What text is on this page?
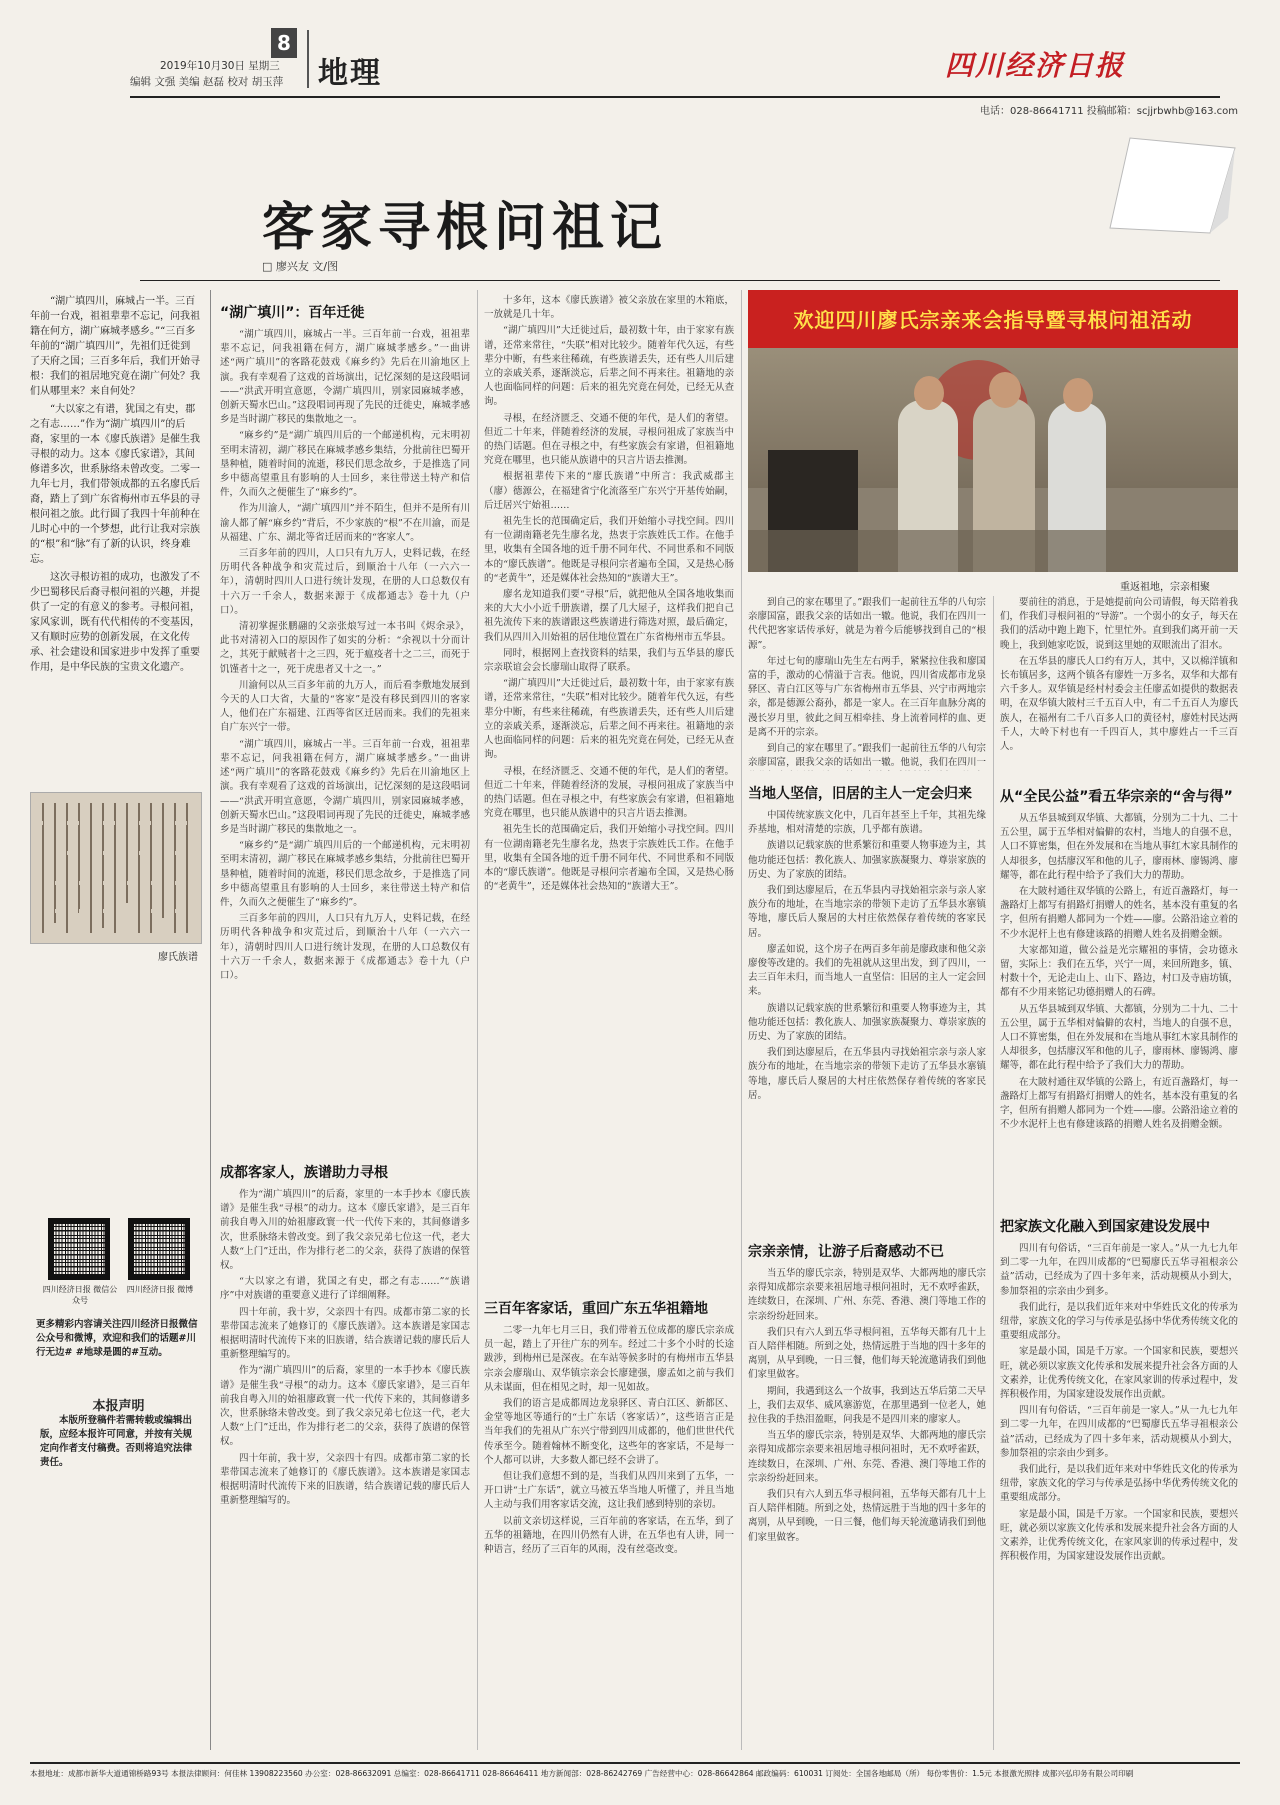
2019年10月30日 星期三
8
编辑 文强 美编 赵磊 校对 胡玉萍 地理	四川经济日报
电话：028-86641711 投稿邮箱：scjjrbwhb@163.com
客家寻根问祖记
□ 廖兴友 文/图

“湖广填四川，麻城占一半。三百年前一台戏，祖祖辈辈不忘记，问我祖籍在何方，湖广麻城孝感乡。”“三百多年前的“湖广填四川”，先祖们迁徙到了天府之国；三百多年后，我们开始寻根：我们的祖居地究竟在湖广何处？我们从哪里来？来自何处？

“大以家之有谱，犹国之有史，郡之有志……”作为“湖广填四川”的后裔，家里的一本《廖氏族谱》是催生我寻根的动力。这本《廖氏家谱》，其间修谱多次，世系脉络未曾改变。二零一九年七月，我们带领成都的五名廖氏后裔，踏上了到广东省梅州市五华县的寻根问祖之旅。此行圆了我四十年前种在儿时心中的一个梦想，此行让我对宗族的“根”和“脉”有了新的认识，终身难忘。

这次寻根访祖的成功，也激发了不少巴蜀移民后裔寻根问祖的兴趣，并提供了一定的有意义的参考。寻根问祖，家风家训，既有代代相传的不变基因，又有顺时应势的创新发展，在文化传承、社会建设和国家进步中发挥了重要作用，是中华民族的宝贵文化遗产。

廖氏族谱
四川经济日报 微信公众号
四川经济日报 微博
更多精彩内容请关注四川经济日报微信公众号和微博，欢迎和我们的话题#川行无边# #地球是圆的#互动。
本报声明
本版所登稿件若需转载或编辑出版，应经本报许可同意，并按有关规定向作者支付稿费。否则将追究法律责任。
“湖广填川”：百年迁徙

“湖广填四川，麻城占一半。三百年前一台戏，祖祖辈辈不忘记，问我祖籍在何方，湖广麻城孝感乡。”一曲讲述“两广填川”的客路花鼓戏《麻乡约》先后在川渝地区上演。我有幸观看了这戏的首场演出，记忆深刻的是这段唱词——“洪武开明宣意愿，令湖广填四川，别家园麻城孝感，创新天蜀水巴山。”这段唱词再现了先民的迁徙史，麻城孝感乡是当时湖广移民的集散地之一。

“麻乡约”是“湖广填四川后的一个邮递机构，元末明初至明末清初，湖广移民在麻城孝感乡集结，分批前往巴蜀开垦种植，随着时间的流逝，移民们思念故乡，于是推选了同乡中德高望重且有影响的人士回乡，来往带送土特产和信件，久而久之便催生了“麻乡约”。

作为川渝人，“湖广填四川”并不陌生，但并不是所有川渝人都了解“麻乡约”背后，不少家族的“根”不在川渝，而是从福建、广东、湖北等省迁居而来的“客家人”。

三百多年前的四川，人口只有九万人，史料记载，在经历明代各种战争和灾荒过后，到顺治十八年（一六六一年），清朝时四川人口进行统计发现，在册的人口总数仅有十六万一千余人，数据来源于《成都通志》卷十九（户口）。

清初掌握张鹏翮的父亲张烺写过一本书叫《烬余录》，此书对清初入口的原因作了如实的分析：“余视以十分而计之，其死于献贼者十之三四，死于瘟疫者十之二三，而死于饥馑者十之一，死于虎患者又十之一。”

川渝何以从三百多年前的九万人，而后看李敷地发展到今天的人口大省，大量的“客家”是没有移民到四川的客家人，他们在广东福建、江西等省区迁居而来。我们的先祖来自广东兴宁一带。

“湖广填四川，麻城占一半。三百年前一台戏，祖祖辈辈不忘记，问我祖籍在何方，湖广麻城孝感乡。”一曲讲述“两广填川”的客路花鼓戏《麻乡约》先后在川渝地区上演。我有幸观看了这戏的首场演出，记忆深刻的是这段唱词——“洪武开明宣意愿，令湖广填四川，别家园麻城孝感，创新天蜀水巴山。”这段唱词再现了先民的迁徙史，麻城孝感乡是当时湖广移民的集散地之一。

“麻乡约”是“湖广填四川后的一个邮递机构，元末明初至明末清初，湖广移民在麻城孝感乡集结，分批前往巴蜀开垦种植，随着时间的流逝，移民们思念故乡，于是推选了同乡中德高望重且有影响的人士回乡，来往带送土特产和信件，久而久之便催生了“麻乡约”。

三百多年前的四川，人口只有九万人，史料记载，在经历明代各种战争和灾荒过后，到顺治十八年（一六六一年），清朝时四川人口进行统计发现，在册的人口总数仅有十六万一千余人，数据来源于《成都通志》卷十九（户口）。

成都客家人，族谱助力寻根

作为“湖广填四川”的后裔，家里的一本手抄本《廖氏族谱》是催生我“寻根”的动力。这本《廖氏家谱》，是三百年前我自粤入川的始祖廖政寰一代一代传下来的，其间修谱多次，世系脉络未曾改变。到了我父亲兄弟七位这一代，老大人数“上门”迁出，作为排行老二的父亲，获得了族谱的保管权。

“大以家之有谱，犹国之有史，郡之有志……”“族谱序”中对族谱的重要意义进行了详细阐释。

四十年前，我十岁，父亲四十有四。成都市第二家的长辈带国志流来了她修订的《廖氏族谱》。这本族谱是家国志根据明清时代流传下来的旧族谱，结合族谱记载的廖氏后人重新整理编写的。

作为“湖广填四川”的后裔，家里的一本手抄本《廖氏族谱》是催生我“寻根”的动力。这本《廖氏家谱》，是三百年前我自粤入川的始祖廖政寰一代一代传下来的，其间修谱多次，世系脉络未曾改变。到了我父亲兄弟七位这一代，老大人数“上门”迁出，作为排行老二的父亲，获得了族谱的保管权。

四十年前，我十岁，父亲四十有四。成都市第二家的长辈带国志流来了她修订的《廖氏族谱》。这本族谱是家国志根据明清时代流传下来的旧族谱，结合族谱记载的廖氏后人重新整理编写的。

十多年，这本《廖氏族谱》被父亲放在家里的木箱底，一放就是几十年。

“湖广填四川”大迁徙过后，最初数十年，由于家家有族谱，还常来常往，“失联”相对比较少。随着年代久远，有些辈分中断，有些来往稀疏，有些族谱丢失，还有些人川后建立的亲戚关系，逐渐淡忘，后辈之间不再来往。祖籍地的亲人也面临同样的问题：后来的祖先究竟在何处，已经无从查询。

寻根，在经济匮乏、交通不便的年代，是人们的奢望。但近二十年来，伴随着经济的发展，寻根问祖成了家族当中的热门话题。但在寻根之中，有些家族会有家谱，但祖籍地究竟在哪里，也只能从族谱中的只言片语去推测。

根据祖辈传下来的“廖氏族谱”中所言：我武威郡主（廖）德源公，在福建省宁化流落至广东兴宁开基传始嗣，后迁居兴宁始祖……

祖先生长的范围确定后，我们开始缩小寻找空间。四川有一位湖南籍老先生廖名龙，热衷于宗族姓氏工作。在他手里，收集有全国各地的近千册不同年代、不同世系和不同版本的“廖氏族谱”。他既是寻根问宗者遍布全国，又是热心肠的“老黄牛”，还是媒体社会热知的“族谱大王”。

廖名龙知道我们要“寻根”后，就把他从全国各地收集而来的大大小小近千册族谱，摆了几大屋子，这样我们把自己祖先流传下来的族谱跟这些族谱进行筛选对照，最后确定，我们从四川入川始祖的居住地位置在广东省梅州市五华县。

同时，根据网上查找资料的结果，我们与五华县的廖氏宗亲联谊会会长廖瑞山取得了联系。

“湖广填四川”大迁徙过后，最初数十年，由于家家有族谱，还常来常往，“失联”相对比较少。随着年代久远，有些辈分中断，有些来往稀疏，有些族谱丢失，还有些人川后建立的亲戚关系，逐渐淡忘，后辈之间不再来往。祖籍地的亲人也面临同样的问题：后来的祖先究竟在何处，已经无从查询。

寻根，在经济匮乏、交通不便的年代，是人们的奢望。但近二十年来，伴随着经济的发展，寻根问祖成了家族当中的热门话题。但在寻根之中，有些家族会有家谱，但祖籍地究竟在哪里，也只能从族谱中的只言片语去推测。

祖先生长的范围确定后，我们开始缩小寻找空间。四川有一位湖南籍老先生廖名龙，热衷于宗族姓氏工作。在他手里，收集有全国各地的近千册不同年代、不同世系和不同版本的“廖氏族谱”。他既是寻根问宗者遍布全国，又是热心肠的“老黄牛”，还是媒体社会热知的“族谱大王”。

三百年客家话，重回广东五华祖籍地

二零一九年七月三日，我们带着五位成都的廖氏宗亲成员一起，踏上了开往广东的列车。经过二十多个小时的长途跋涉，到梅州已是深夜。在车站等候多时的有梅州市五华县宗亲会廖瑞山、双华镇宗亲会长廖建强，廖孟如之前与我们从未谋面，但在相见之时，却一见如故。

我们的语言是成都周边龙泉驿区、青白江区、新都区、金堂等地区等通行的“土广东话（客家话）”，这些语言正是当年我们的先祖从广东兴宁带到四川成都的，他们世世代代传承至今。随着翰林不断变化，这些年的客家话，不是每一个人都可以讲，大多数人都已经不会讲了。

但让我们意想不到的是，当我们从四川来到了五华，一开口讲“土广东话”，就立马被五华当地人听懂了，并且当地人主动与我们用客家话交流，这让我们感到特别的亲切。

以前文亲切这样说，三百年前的客家话，在五华，到了五华的祖籍地，在四川仍然有人讲，在五华也有人讲，同一种语言，经历了三百年的风雨，没有丝毫改变。

欢迎四川廖氏宗亲来会指导暨寻根问祖活动
重返祖地，宗亲相聚

到自己的家在哪里了。”跟我们一起前往五华的八旬宗亲廖国富，跟我父亲的话如出一辙。他说，我们在四川一代代把客家话传承好，就是为着今后能够找到自己的“根源”。

年过七旬的廖瑞山先生左右两手，紧紧拉住我和廖国富的手，激动的心情溢于言表。他说，四川省成都市龙泉驿区、青白江区等与广东省梅州市五华县、兴宁市两地宗亲，都是德源公裔孙，都是一家人。在三百年血脉分离的漫长岁月里，彼此之间互相牵挂、身上流着同样的血、更是离不开的宗亲。

到自己的家在哪里了。”跟我们一起前往五华的八旬宗亲廖国富，跟我父亲的话如出一辙。他说，我们在四川一

当地人坚信，旧居的主人一定会归来

中国传统家族文化中，几百年甚至上千年，其祖先缘乔基地，相对清楚的宗族，几乎都有族谱。

族谱以记载家族的世系繁衍和重要人物事迹为主，其他功能还包括：教化族人、加强家族凝聚力、尊崇家族的历史、为了家族的团结。

我们到达廖屋后，在五华县内寻找始祖宗亲与亲人家族分布的地址，在当地宗亲的带领下走访了五华县水寨镇等地，廖氏后人聚居的大村庄依然保存着传统的客家民居。

廖孟如说，这个房子在两百多年前是廖政康和他父亲廖俊等改建的。我们的先祖就从这里出发，到了四川，一去三百年未归，而当地人一直坚信：旧居的主人一定会回来。

族谱以记载家族的世系繁衍和重要人物事迹为主，其他功能还包括：教化族人、加强家族凝聚力、尊崇家族的历史、为了家族的团结。

我们到达廖屋后，在五华县内寻找始祖宗亲与亲人家族分布的地址，在当地宗亲的带领下走访了五华县水寨镇等地，廖氏后人聚居的大村庄依然保存着传统的客家民居。

宗亲亲情，让游子后裔感动不已

当五华的廖氏宗亲，特别是双华、大都两地的廖氏宗亲得知成都宗亲要来祖居地寻根问祖时，无不欢呼雀跃，连续数日，在深圳、广州、东莞、香港、澳门等地工作的宗亲纷纷赶回来。

我们只有六人到五华寻根问祖，五华每天都有几十上百人陪伴相随。所到之处，热情远胜于当地的四十多年的离别，从早到晚，一日三餐，他们每天轮流邀请我们到他们家里做客。

期间，我遇到这么一个故事，我到达五华后第二天早上，我们去双华、威风寨游览，在那里遇到一位老人，她拉住我的手热泪盈眶，问我是不是四川来的廖家人。

当五华的廖氏宗亲，特别是双华、大都两地的廖氏宗亲得知成都宗亲要来祖居地寻根问祖时，无不欢呼雀跃，连续数日，在深圳、广州、东莞、香港、澳门等地工作的宗亲纷纷赶回来。

我们只有六人到五华寻根问祖，五华每天都有几十上百人陪伴相随。所到之处，热情远胜于当地的四十多年的离别，从早到晚，一日三餐，他们每天轮流邀请我们到他们家里做客。

要前往的消息，于是她提前向公司请假，每天陪着我们，作我们寻根问祖的“导游”。一个弱小的女子，每天在我们的活动中跑上跑下，忙里忙外。直到我们离开前一天晚上，我到她家吃饭，说到这里她的双眼流出了泪水。

在五华县的廖氏人口约有万人，其中，又以棉洋镇和长布镇居多，这两个镇各有廖姓一万多名，双华和大都有六千多人。双华镇是经村村委会主任廖孟如提供的数据表明，在双华镇大陂村三千五百人中，有二千五百人为廖氏族人，在福州有二千八百多人口的黄径村，廖姓村民达两千人，大岭下村也有一千四百人，其中廖姓占一千三百人。

从“全民公益”看五华宗亲的“舍与得”

从五华县城到双华镇、大都镇，分别为二十九、二十五公里，属于五华相对偏僻的农村，当地人的自强不息，人口不算密集，但在外发展和在当地从事红木家具制作的人却很多，包括廖汉军和他的儿子，廖雨林、廖锡鸿、廖耀等，都在此行程中给予了我们大力的帮助。

在大陂村通往双华镇的公路上，有近百盏路灯，每一盏路灯上都写有捐路灯捐赠人的姓名，基本没有重复的名字，但所有捐赠人都同为一个姓——廖。公路沿途立着的不少水泥杆上也有修建该路的捐赠人姓名及捐赠金额。

大家都知道，做公益是光宗耀祖的事情，会功德永留，实际上：我们在五华，兴宁一周，来回所跑多，镇、村数十个，无论走山上、山下、路边，村口及寺庙坊镇，都有不少用来铭记功德捐赠人的石碑。

从五华县城到双华镇、大都镇，分别为二十九、二十五公里，属于五华相对偏僻的农村，当地人的自强不息，人口不算密集，但在外发展和在当地从事红木家具制作的人却很多，包括廖汉军和他的儿子，廖雨林、廖锡鸿、廖耀等，都在此行程中给予了我们大力的帮助。

在大陂村通往双华镇的公路上，有近百盏路灯，每一盏路灯上都写有捐路灯捐赠人的姓名，基本没有重复的名字，但所有捐赠人都同为一个姓——廖。公路沿途立着的不少水泥杆上也有修建该路的捐赠人姓名及捐赠金额。

把家族文化融入到国家建设发展中

四川有句俗话，“三百年前是一家人。”从一九七九年到二零一九年，在四川成都的“巴蜀廖氏五华寻祖根亲公益”活动，已经成为了四十多年来，活动规模从小到大，参加祭祖的宗亲由少到多。

我们此行，是以我们近年来对中华姓氏文化的传承为纽带，家族文化的学习与传承是弘扬中华优秀传统文化的重要组成部分。

家是最小国，国是千万家。一个国家和民族，要想兴旺，就必须以家族文化传承和发展来提升社会各方面的人文素养，让优秀传统文化，在家风家训的传承过程中，发挥积极作用，为国家建设发展作出贡献。

四川有句俗话，“三百年前是一家人。”从一九七九年到二零一九年，在四川成都的“巴蜀廖氏五华寻祖根亲公益”活动，已经成为了四十多年来，活动规模从小到大，参加祭祖的宗亲由少到多。

我们此行，是以我们近年来对中华姓氏文化的传承为纽带，家族文化的学习与传承是弘扬中华优秀传统文化的重要组成部分。

家是最小国，国是千万家。一个国家和民族，要想兴旺，就必须以家族文化传承和发展来提升社会各方面的人文素养，让优秀传统文化，在家风家训的传承过程中，发挥积极作用，为国家建设发展作出贡献。

本报地址：成都市新华大道通锦桥路93号 本报法律顾问：何佳林 13908223560 办公室：028-86632091 总编室：028-86641711 028-86646411 地方新闻部：028-86242769 广告经营中心：028-86642864 邮政编码：610031 订阅处：全国各地邮局（所） 每份零售价：1.5元 本报激光照排 成都兴弘印务有限公司印刷
